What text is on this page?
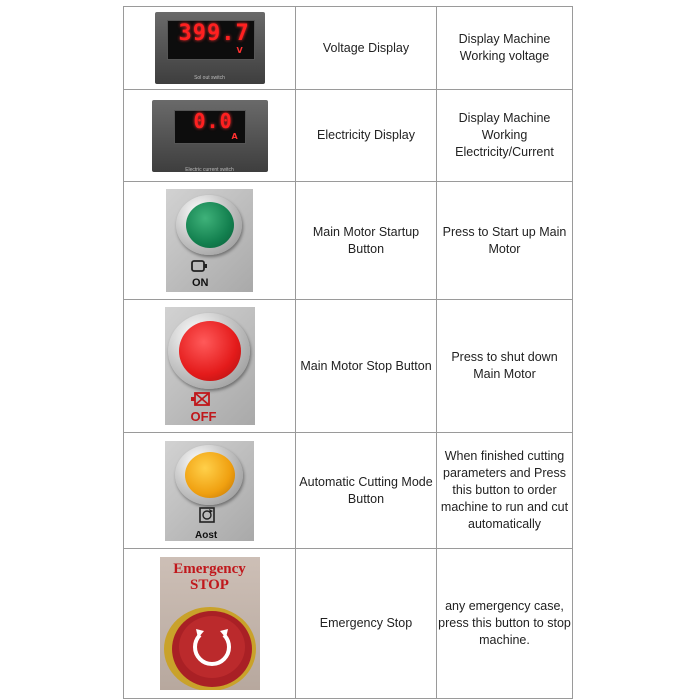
399.7
V
Sol out switch	Voltage Display	Display Machine Working voltage

0.0
A
Electric current switch	Electricity Display	Display Machine Working Electricity/Current

ON	Main Motor Startup Button	Press to Start up Main Motor

OFF	Main Motor Stop Button	Press to shut down Main Motor

Aost	Automatic Cutting Mode Button	When finished cutting parameters and Press this button to order machine to run and cut automatically

Emergency
STOP	Emergency Stop	any emergency case, press this button to stop machine.
